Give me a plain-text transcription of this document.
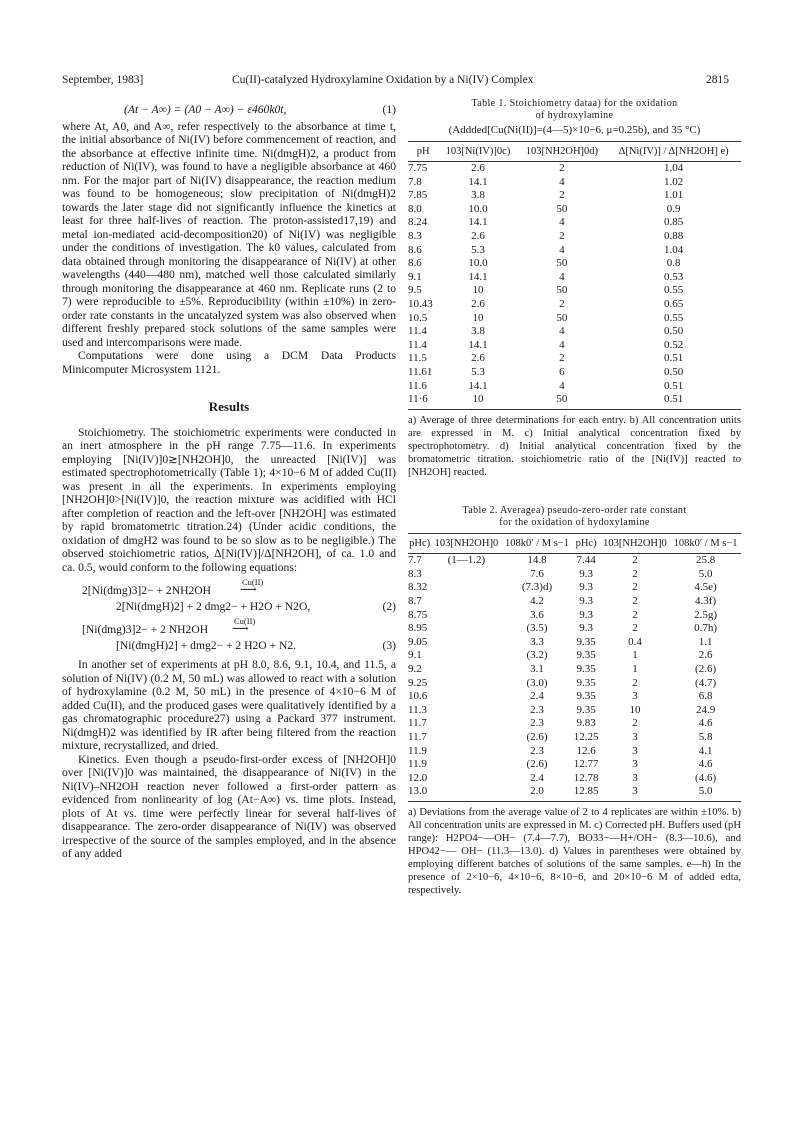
September, 1983]	Cu(II)-catalyzed Hydroxylamine Oxidation by a Ni(IV) Complex	2815
(At − A∞) = (A0 − A∞) − ε460k0t,	(1)

where At, A0, and A∞, refer respectively to the absorbance at time t, the initial absorbance of Ni(IV) before commencement of reaction, and the absorbance at effective infinite time. Ni(dmgH)2, a product from reduction of Ni(IV), was found to have a negligible absorbance at 460 nm. For the major part of Ni(IV) disappearance, the reaction medium was found to be homogeneous; slow precipitation of Ni(dmgH)2 towards the later stage did not significantly influence the kinetics at least for three half-lives of reaction. The proton-assisted17,19) and metal ion-mediated acid-decomposition20) of Ni(IV) was negligible under the conditions of investigation. The k0 values, calculated from data obtained through monitoring the disappearance of Ni(IV) at other wavelengths (440—480 nm), matched well those calculated similarly through monitoring the disappearance at 460 nm. Replicate runs (2 to 7) were reproducible to ±5%. Reproducibility (within ±10%) in zero-order rate constants in the uncatalyzed system was also observed when different freshly prepared stock solutions of the same samples were used and intercomparisons were made.

Computations were done using a DCM Data Products Minicomputer Microsystem 1121.

Results

Stoichiometry. The stoichiometric experiments were conducted in an inert atmosphere in the pH range 7.75—11.6. In experiments employing [Ni(IV)]0≳[NH2OH]0, the unreacted [Ni(IV)] was estimated spectrophotometrically (Table 1); 4×10−6 M of added Cu(II) was present in all the experiments. In experiments employing [NH2OH]0>[Ni(IV)]0, the reaction mixture was acidified with HCl after completion of reaction and the left-over [NH2OH] was estimated by rapid bromatometric titration.24) (Under acidic conditions, the oxidation of dmgH2 was found to be so slow as to be negligible.) The observed stoichiometric ratios, Δ[Ni(IV)]/Δ[NH2OH], of ca. 1.0 and ca. 0.5, would conform to the following equations:

2[Ni(dmg)3]2− + 2NH2OH
Cu(II)
⟶
2[Ni(dmgH)2] + 2 dmg2− + H2O + N2O,	(2)
[Ni(dmg)3]2− + 2 NH2OH
Cu(II)
⟶
[Ni(dmgH)2] + dmg2− + 2 H2O + N2.	(3)

In another set of experiments at pH 8.0, 8.6, 9.1, 10.4, and 11.5, a solution of Ni(IV) (0.2 M, 50 mL) was allowed to react with a solution of hydroxylamine (0.2 M, 50 mL) in the presence of 4×10−6 M of added Cu(II), and the produced gases were qualitatively identified by a gas chromatographic procedure27) using a Packard 377 instrument. Ni(dmgH)2 was identified by IR after being filtered from the reaction mixture, recrystallized, and dried.

Kinetics. Even though a pseudo-first-order excess of [NH2OH]0 over [Ni(IV)]0 was maintained, the disappearance of Ni(IV) in the Ni(IV)–NH2OH reaction never followed a first-order pattern as evidenced from nonlinearity of log (At−A∞) vs. time plots. Instead, plots of At vs. time were perfectly linear for several half-lives of disappearance. The zero-order disappearance of Ni(IV) was observed irrespective of the source of the samples employed, and in the absence of any added

Table 1. Stoichiometry dataa) for the oxidation
of hydroxylamine
(Addded[Cu(Ni(II)]=(4—5)×10−6, μ=0.25b), and 35 °C)
pH	103[Ni(IV)]0c)	103[NH2OH]0d)	Δ[Ni(IV)] / Δ[NH2OH] e)
7.75	2.6	2	1.04
7.8	14.1	4	1.02
7.85	3.8	2	1.01
8.0	10.0	50	0.9
8.24	14.1	4	0.85
8.3	2.6	2	0.88
8.6	5.3	4	1.04
8.6	10.0	50	0.8
9.1	14.1	4	0.53
9.5	10	50	0.55
10.43	2.6	2	0.65
10.5	10	50	0.55
11.4	3.8	4	0.50
11.4	14.1	4	0.52
11.5	2.6	2	0.51
11.61	5.3	6	0.50
11.6	14.1	4	0.51
11·6	10	50	0.51
a) Average of three determinations for each entry. b) All concentration units are expressed in M. c) Initial analytical concentration fixed by spectrophotometry. d) Initial analytical concentration fixed by the bromatometric titration. stoichiometric ratio of the [Ni(IV)] reacted to [NH2OH] reacted.
Table 2. Averagea) pseudo-zero-order rate constant
for the oxidation of hydoxylamine
pHc)	103[NH2OH]0	108k0′ / M s−1	pHc)	103[NH2OH]0	108k0′ / M s−1
7.7	(1—1.2)	14.8	7.44	2	25.8
8.3		7.6	9.3	2	5.0
8.32		(7.3)d)	9.3	2	4.5e)
8.7		4.2	9.3	2	4.3f)
8.75		3.6	9.3	2	2.5g)
8.95		(3.5)	9.3	2	0.7h)
9.05		3.3	9.35	0.4	1.1
9.1		(3.2)	9.35	1	2.6
9.2		3.1	9.35	1	(2.6)
9.25		(3.0)	9.35	2	(4.7)
10.6		2.4	9.35	3	6.8
11.3		2.3	9.35	10	24.9
11.7		2.3	9.83	2	4.6
11.7		(2.6)	12.25	3	5.8
11.9		2.3	12.6	3	4.1
11.9		(2.6)	12.77	3	4.6
12.0		2.4	12.78	3	(4.6)
13.0		2.0	12.85	3	5.0
a) Deviations from the average value of 2 to 4 replicates are within ±10%. b) All concentration units are expressed in M. c) Corrected pH. Buffers used (pH range): H2PO4−—OH− (7.4—7.7), BO33−—H+/OH− (8.3—10.6), and HPO42−— OH− (11.3—13.0). d) Values in parentheses were obtained by employing different batches of solutions of the same samples. e—h) In the presence of 2×10−6, 4×10−6, 8×10−6, and 20×10−6 M of added edta, respectively.
